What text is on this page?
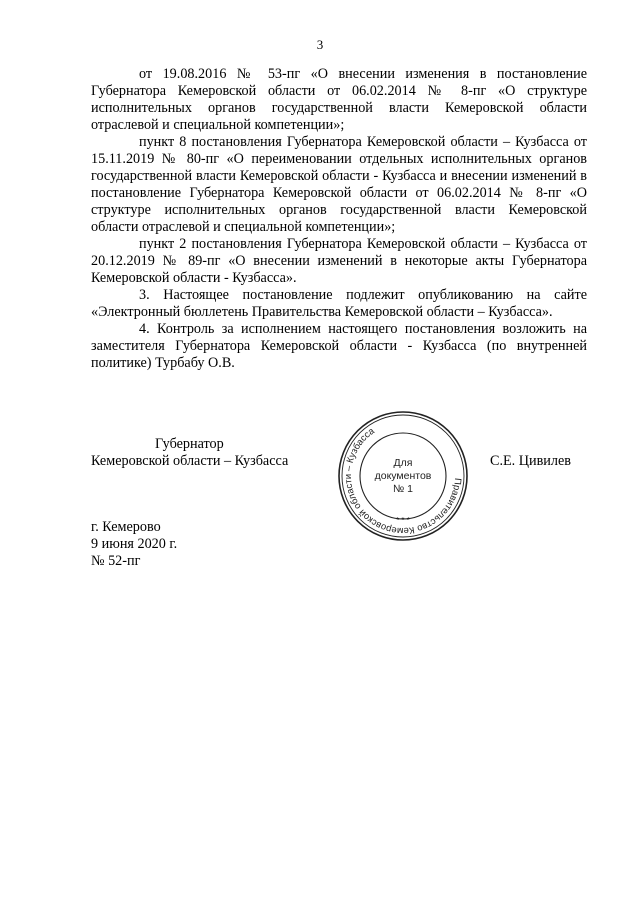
3

от 19.08.2016 № 53-пг «О внесении изменения в постановление Губернатора Кемеровской области от 06.02.2014 № 8-пг «О структуре исполнительных органов государственной власти Кемеровской области отраслевой и специальной компетенции»;

пункт 8 постановления Губернатора Кемеровской области – Кузбасса от 15.11.2019 № 80-пг «О переименовании отдельных исполнительных органов государственной власти Кемеровской области - Кузбасса и внесении изменений в постановление Губернатора Кемеровской области от 06.02.2014 № 8-пг «О структуре исполнительных органов государственной власти Кемеровской области отраслевой и специальной компетенции»;

пункт 2 постановления Губернатора Кемеровской области – Кузбасса от 20.12.2019 № 89-пг «О внесении изменений в некоторые акты Губернатора Кемеровской области - Кузбасса».

3. Настоящее постановление подлежит опубликованию на сайте «Электронный бюллетень Правительства Кемеровской области – Кузбасса».

4. Контроль за исполнением настоящего постановления возложить на заместителя Губернатора Кемеровской области - Кузбасса (по внутренней политике) Турбабу О.В.

Губернатор
Кемеровской области – Кузбасса	С.Е. Цивилев
Правительство Кемеровской области – Кузбасса
* * *
Для
документов
№ 1
г. Кемерово
9 июня 2020 г.
№ 52-пг
